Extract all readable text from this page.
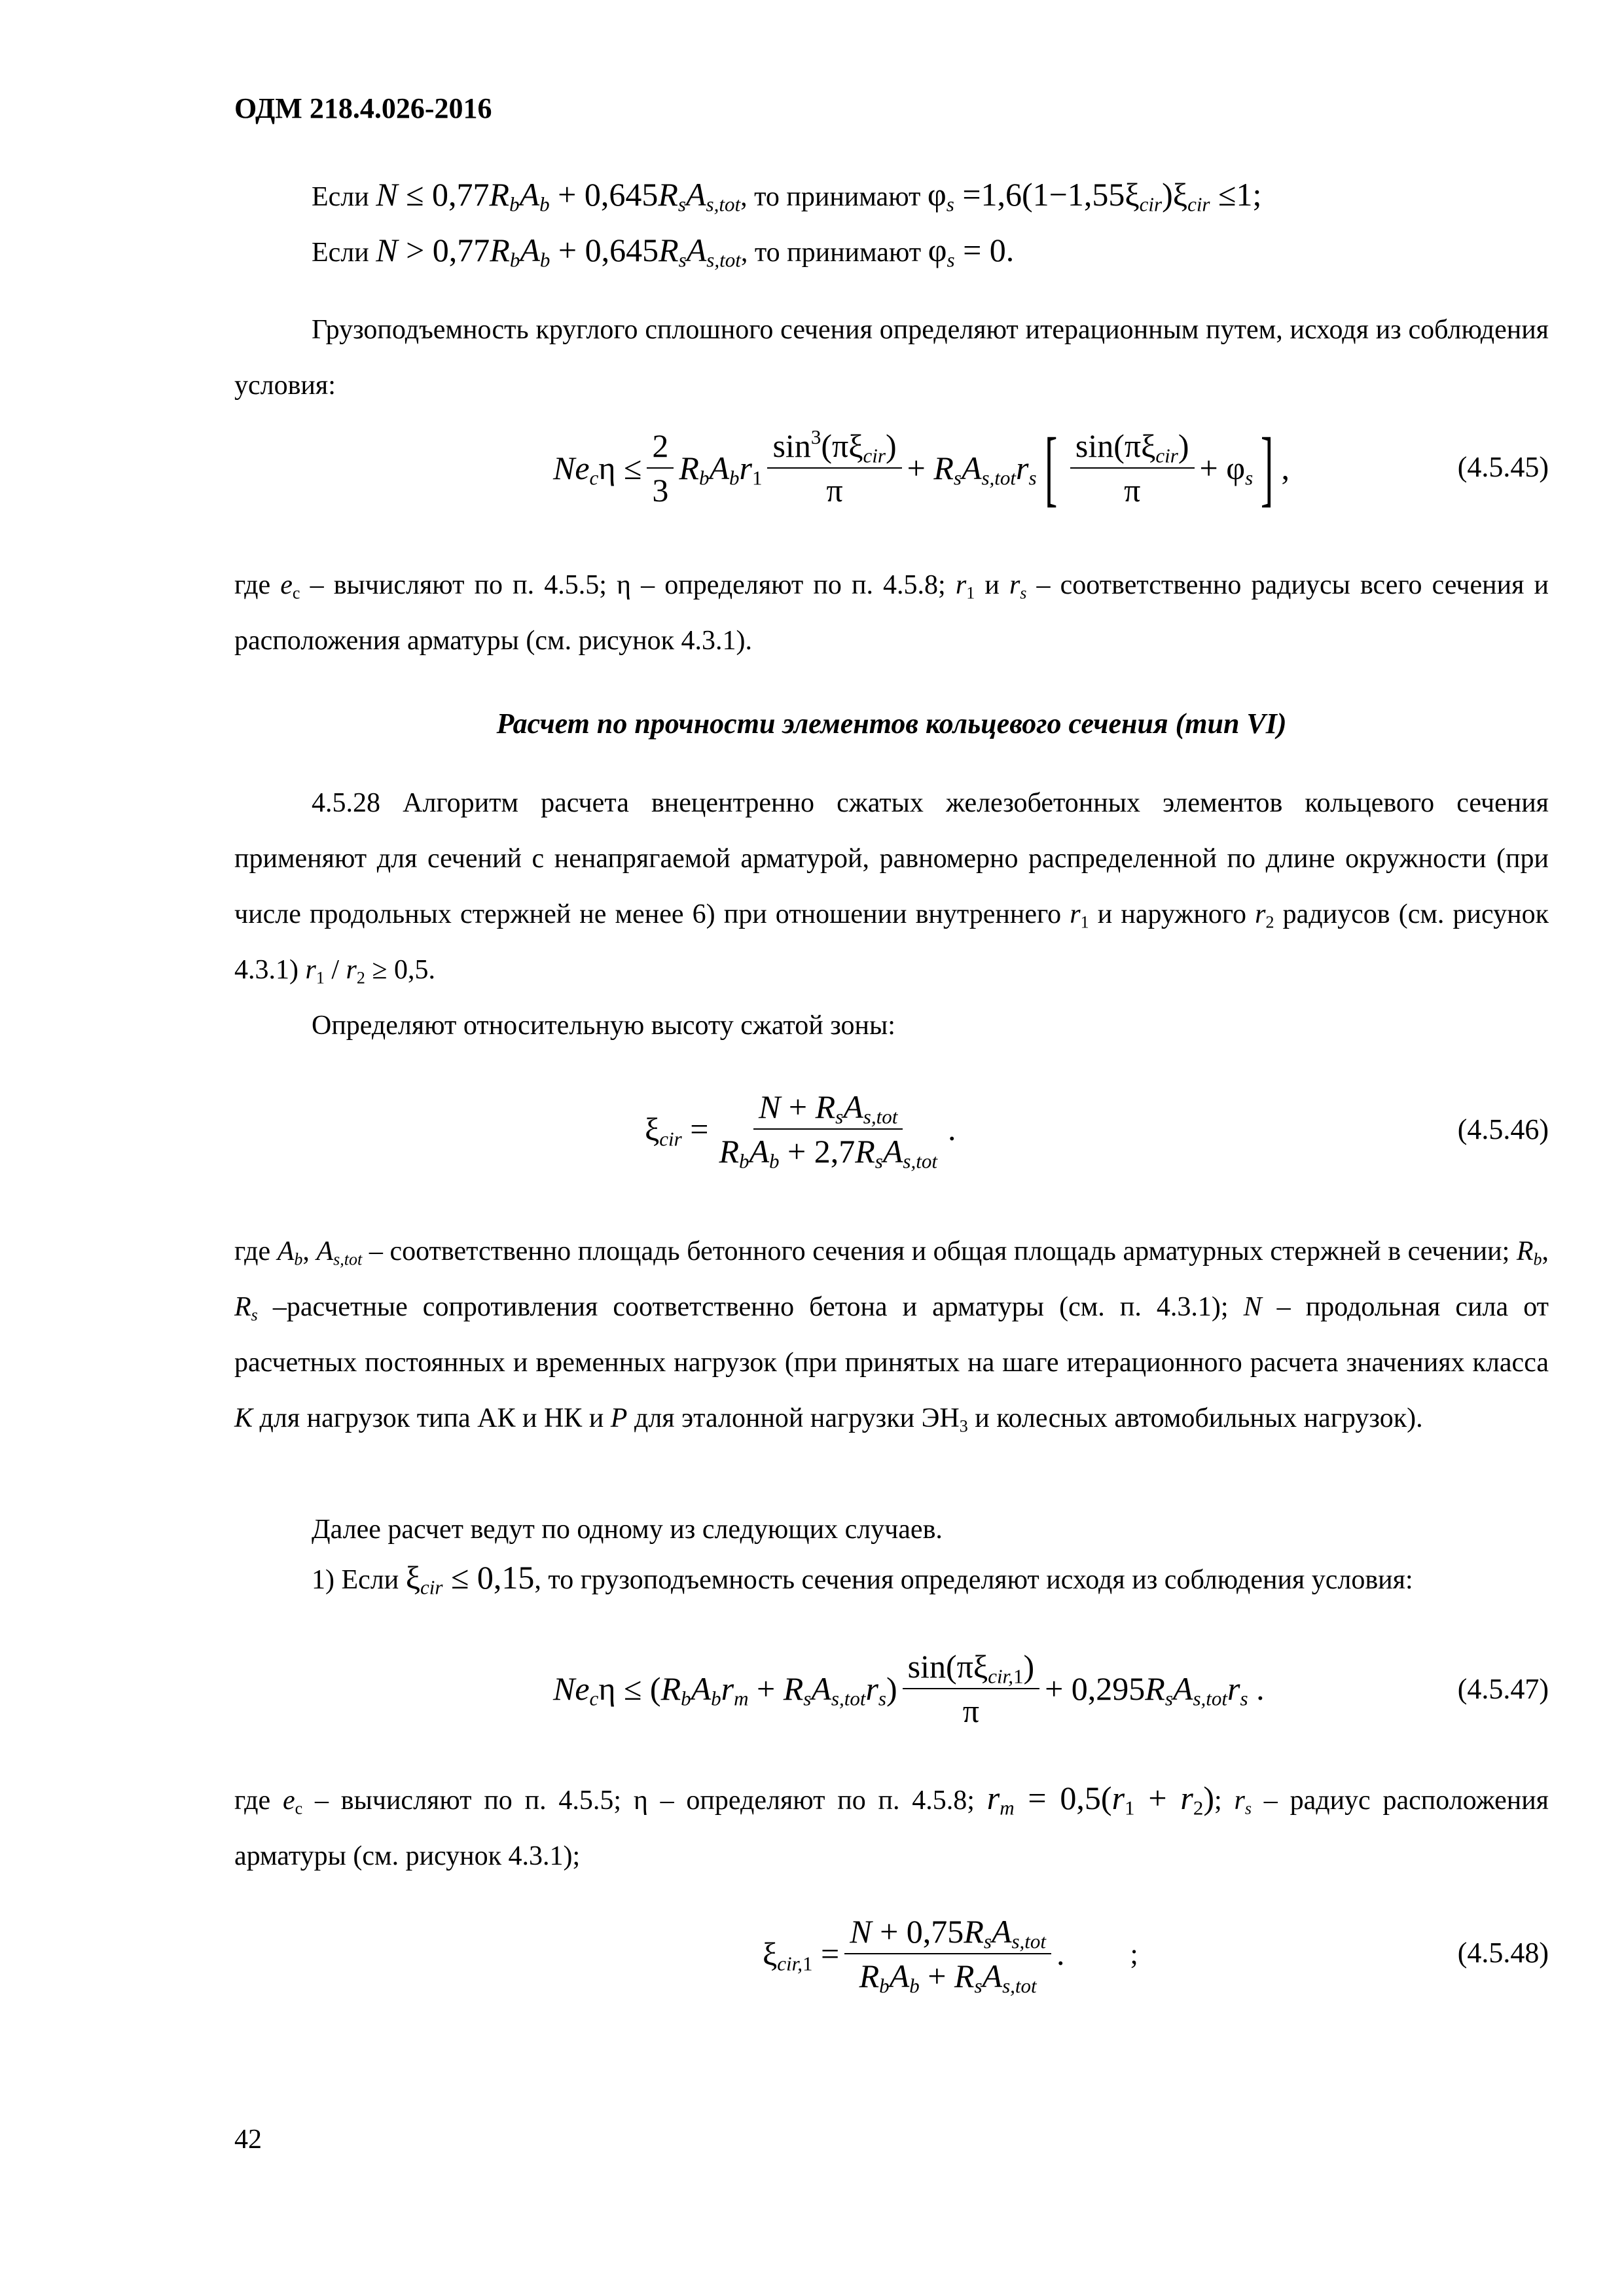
ОДМ 218.4.026-2016
Если $N \le 0,77R_bA_b + 0,645R_sA_{s,tot}$, то принимают $\varphi_s =1,6(1-1,55\xi_{cir})\xi_{cir} \le 1$;
Если $N > 0,77R_bA_b + 0,645R_sA_{s,tot}$, то принимают $\varphi_s = 0$.
Грузоподъемность круглого сплошного сечения определяют итерационным путем, исходя из соблюдения условия:
$Ne_c\eta \le \frac{2}{3} R_bA_br_1 \frac{\sin^3(\pi\xi_{cir})}{\pi} + R_sA_{s,tot}r_s$ [ $\frac{\sin(\pi\xi_{cir})}{\pi} + \varphi_s$ ] ,	(4.5.45)
где $e_c$ – вычисляют по п. 4.5.5; η – определяют по п. 4.5.8; $r_1$ и $r_s$ – соответственно радиусы всего сечения и расположения арматуры (см. рисунок 4.3.1).
Расчет по прочности элементов кольцевого сечения (тип VI)
4.5.28 Алгоритм расчета внецентренно сжатых железобетонных элементов кольцевого сечения применяют для сечений с ненапрягаемой арматурой, равномерно распределенной по длине окружности (при числе продольных стержней не менее 6) при отношении внутреннего $r_1$ и наружного $r_2$ радиусов (см. рисунок 4.3.1) $r_1 / r_2 \ge 0,5$.
Определяют относительную высоту сжатой зоны:
$\xi_{cir} = \frac{N + R_sA_{s,tot}}{R_bA_b + 2,7R_sA_{s,tot}}$ .	(4.5.46)
где $A_b$, $A_{s,tot}$ – соответственно площадь бетонного сечения и общая площадь арматурных стержней в сечении; $R_b$, $R_s$ –расчетные сопротивления соответственно бетона и арматуры (см. п. 4.3.1); N – продольная сила от расчетных постоянных и временных нагрузок (при принятых на шаге итерационного расчета значениях класса K для нагрузок типа АК и НК и P для эталонной нагрузки $ЭН_3$ и колесных автомобильных нагрузок).
Далее расчет ведут по одному из следующих случаев.
1) Если $\xi_{cir} \le 0,15$, то грузоподъемность сечения определяют исходя из соблюдения условия:
$Ne_c\eta \le (R_bA_br_m + R_sA_{s,tot}r_s) \frac{\sin(\pi\xi_{cir,1})}{\pi} + 0,295R_sA_{s,tot}r_s$ .	(4.5.47)
где $e_c$ – вычисляют по п. 4.5.5; η – определяют по п. 4.5.8; $r_m = 0,5(r_1 + r_2)$; $r_s$ – радиус расположения арматуры (см. рисунок 4.3.1);
$\xi_{cir,1} = \frac{N + 0,75R_sA_{s,tot}}{R_bA_b + R_sA_{s,tot}}$ . ;	(4.5.48)
42
